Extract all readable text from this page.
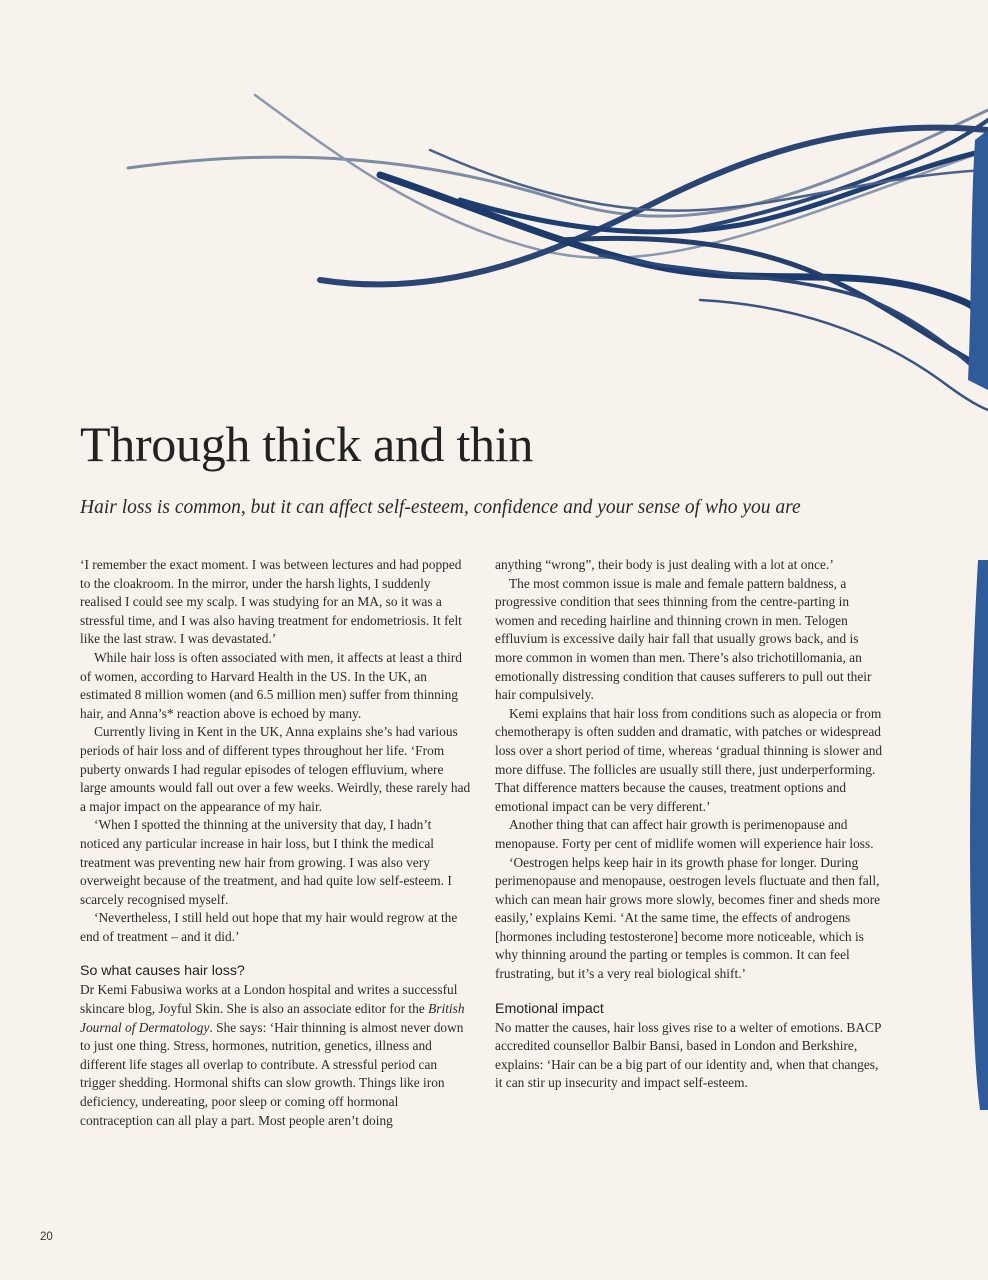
Through thick and thin

Hair loss is common, but it can affect self-esteem, confidence and your sense of who you are

‘I remember the exact moment. I was between lectures and had popped to the cloakroom. In the mirror, under the harsh lights, I suddenly realised I could see my scalp. I was studying for an MA, so it was a stressful time, and I was also having treatment for endometriosis. It felt like the last straw. I was devastated.’

While hair loss is often associated with men, it affects at least a third of women, according to Harvard Health in the US. In the UK, an estimated 8 million women (and 6.5 million men) suffer from thinning hair, and Anna’s* reaction above is echoed by many.

Currently living in Kent in the UK, Anna explains she’s had various periods of hair loss and of different types throughout her life. ‘From puberty onwards I had regular episodes of telogen effluvium, where large amounts would fall out over a few weeks. Weirdly, these rarely had a major impact on the appearance of my hair.

‘When I spotted the thinning at the university that day, I hadn’t noticed any particular increase in hair loss, but I think the medical treatment was preventing new hair from growing. I was also very overweight because of the treatment, and had quite low self-esteem. I scarcely recognised myself.

‘Nevertheless, I still held out hope that my hair would regrow at the end of treatment – and it did.’

So what causes hair loss?

Dr Kemi Fabusiwa works at a London hospital and writes a successful skincare blog, Joyful Skin. She is also an associate editor for the British Journal of Dermatology. She says: ‘Hair thinning is almost never down to just one thing. Stress, hormones, nutrition, genetics, illness and different life stages all overlap to contribute. A stressful period can trigger shedding. Hormonal shifts can slow growth. Things like iron deficiency, undereating, poor sleep or coming off hormonal contraception can all play a part. Most people aren’t doing

anything “wrong”, their body is just dealing with a lot at once.’

The most common issue is male and female pattern baldness, a progressive condition that sees thinning from the centre-parting in women and receding hairline and thinning crown in men. Telogen effluvium is excessive daily hair fall that usually grows back, and is more common in women than men. There’s also trichotillomania, an emotionally distressing condition that causes sufferers to pull out their hair compulsively.

Kemi explains that hair loss from conditions such as alopecia or from chemotherapy is often sudden and dramatic, with patches or widespread loss over a short period of time, whereas ‘gradual thinning is slower and more diffuse. The follicles are usually still there, just underperforming. That difference matters because the causes, treatment options and emotional impact can be very different.’

Another thing that can affect hair growth is perimenopause and menopause. Forty per cent of midlife women will experience hair loss.

‘Oestrogen helps keep hair in its growth phase for longer. During perimenopause and menopause, oestrogen levels fluctuate and then fall, which can mean hair grows more slowly, becomes finer and sheds more easily,’ explains Kemi. ‘At the same time, the effects of androgens [hormones including testosterone] become more noticeable, which is why thinning around the parting or temples is common. It can feel frustrating, but it’s a very real biological shift.’

Emotional impact

No matter the causes, hair loss gives rise to a welter of emotions. BACP accredited counsellor Balbir Bansi, based in London and Berkshire, explains: ‘Hair can be a big part of our identity and, when that changes, it can stir up insecurity and impact self-esteem.

20
